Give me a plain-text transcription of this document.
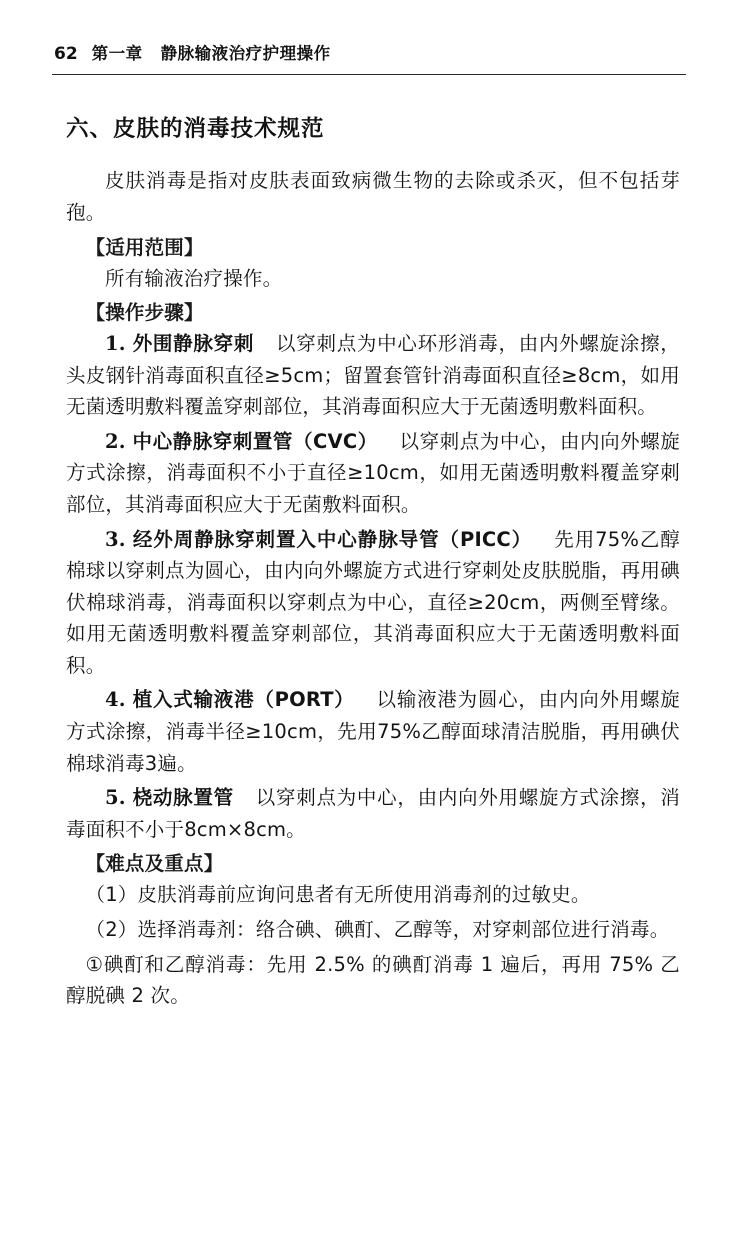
62 第一章 静脉输液治疗护理操作
六、皮肤的消毒技术规范

皮肤消毒是指对皮肤表面致病微生物的去除或杀灭，但不包括芽孢。

【适用范围】

所有输液治疗操作。

【操作步骤】

1. 外围静脉穿刺 以穿刺点为中心环形消毒，由内外螺旋涂擦，头皮钢针消毒面积直径≥5cm；留置套管针消毒面积直径≥8cm，如用无菌透明敷料覆盖穿刺部位，其消毒面积应大于无菌透明敷料面积。

2. 中心静脉穿刺置管（CVC） 以穿刺点为中心，由内向外螺旋方式涂擦，消毒面积不小于直径≥10cm，如用无菌透明敷料覆盖穿刺部位，其消毒面积应大于无菌敷料面积。

3. 经外周静脉穿刺置入中心静脉导管（PICC） 先用75%乙醇棉球以穿刺点为圆心，由内向外螺旋方式进行穿刺处皮肤脱脂，再用碘伏棉球消毒，消毒面积以穿刺点为中心，直径≥20cm，两侧至臂缘。如用无菌透明敷料覆盖穿刺部位，其消毒面积应大于无菌透明敷料面积。

4. 植入式输液港（PORT） 以输液港为圆心，由内向外用螺旋方式涂擦，消毒半径≥10cm，先用75%乙醇面球清洁脱脂，再用碘伏棉球消毒3遍。

5. 桡动脉置管 以穿刺点为中心，由内向外用螺旋方式涂擦，消毒面积不小于8cm×8cm。

【难点及重点】

（1）皮肤消毒前应询问患者有无所使用消毒剂的过敏史。

（2）选择消毒剂：络合碘、碘酊、乙醇等，对穿刺部位进行消毒。

①碘酊和乙醇消毒：先用 2.5% 的碘酊消毒 1 遍后，再用 75% 乙醇脱碘 2 次。
